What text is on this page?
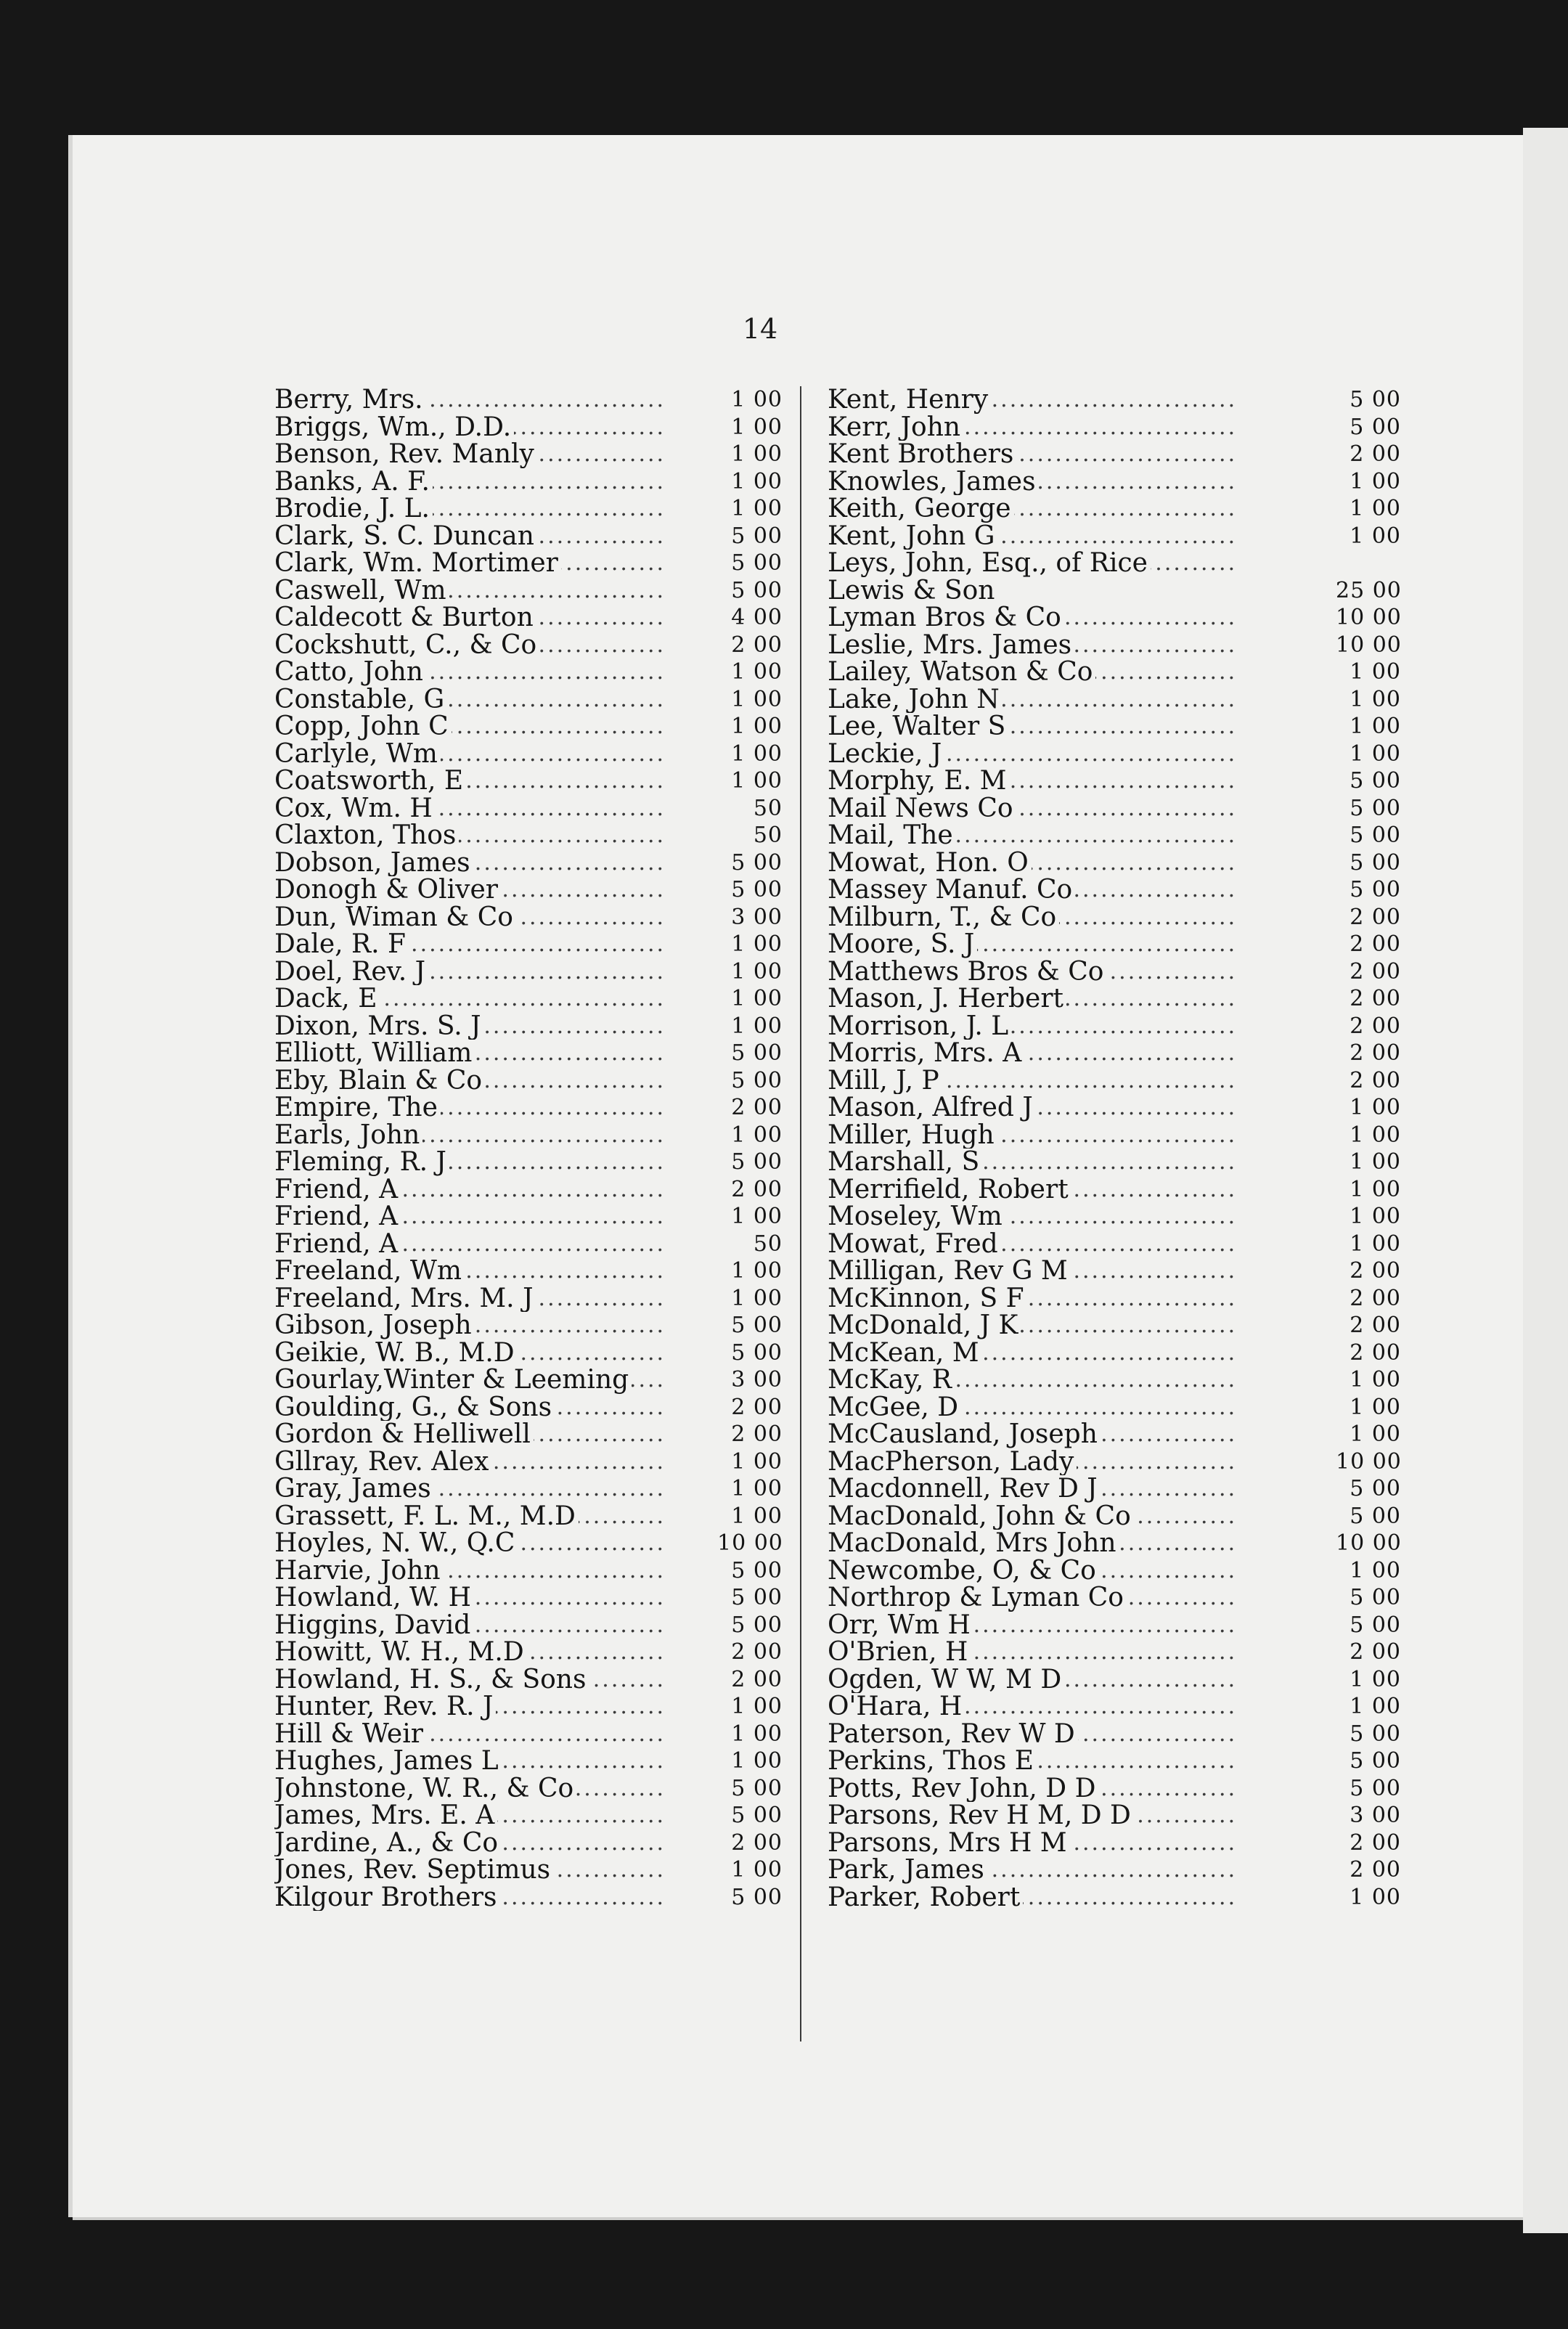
14
Berry, Mrs. .....	1 00
Briggs, Wm., D.D. .....	1 00
Benson, Rev. Manly .....	1 00
Banks, A. F. .....	1 00
Brodie, J. L. .....	1 00
Clark, S. C. Duncan .....	5 00
Clark, Wm. Mortimer .....	5 00
Caswell, Wm .....	5 00
Caldecott & Burton .....	4 00
Cockshutt, C., & Co .....	2 00
Catto, John .....	1 00
Constable, G .....	1 00
Copp, John C .....	1 00
Carlyle, Wm .....	1 00
Coatsworth, E .....	1 00
Cox, Wm. H .....	50
Claxton, Thos .....	50
Dobson, James .....	5 00
Donogh & Oliver .....	5 00
Dun, Wiman & Co .....	3 00
Dale, R. F .....	1 00
Doel, Rev. J .....	1 00
Dack, E .....	1 00
Dixon, Mrs. S. J .....	1 00
Elliott, William .....	5 00
Eby, Blain & Co .....	5 00
Empire, The .....	2 00
Earls, John .....	1 00
Fleming, R. J .....	5 00
Friend, A .....	2 00
Friend, A .....	1 00
Friend, A .....	50
Freeland, Wm .....	1 00
Freeland, Mrs. M. J .....	1 00
Gibson, Joseph .....	5 00
Geikie, W. B., M.D .....	5 00
Gourlay,Winter & Leeming .....	3 00
Goulding, G., & Sons .....	2 00
Gordon & Helliwell .....	2 00
Gllray, Rev. Alex .....	1 00
Gray, James .....	1 00
Grassett, F. L. M., M.D .....	1 00
Hoyles, N. W., Q.C .....	10 00
Harvie, John .....	5 00
Howland, W. H .....	5 00
Higgins, David .....	5 00
Howitt, W. H., M.D .....	2 00
Howland, H. S., & Sons .....	2 00
Hunter, Rev. R. J .....	1 00
Hill & Weir .....	1 00
Hughes, James L .....	1 00
Johnstone, W. R., & Co .....	5 00
James, Mrs. E. A .....	5 00
Jardine, A., & Co .....	2 00
Jones, Rev. Septimus .....	1 00
Kilgour Brothers .....	5 00
Kent, Henry .....	5 00
Kerr, John .....	5 00
Kent Brothers .....	2 00
Knowles, James .....	1 00
Keith, George .....	1 00
Kent, John G .....	1 00
Leys, John, Esq., of Rice .....
Lewis & Son	25 00
Lyman Bros & Co .....	10 00
Leslie, Mrs. James .....	10 00
Lailey, Watson & Co .....	1 00
Lake, John N .....	1 00
Lee, Walter S .....	1 00
Leckie, J .....	1 00
Morphy, E. M .....	5 00
Mail News Co .....	5 00
Mail, The .....	5 00
Mowat, Hon. O .....	5 00
Massey Manuf. Co .....	5 00
Milburn, T., & Co .....	2 00
Moore, S. J .....	2 00
Matthews Bros & Co .....	2 00
Mason, J. Herbert .....	2 00
Morrison, J. L .....	2 00
Morris, Mrs. A .....	2 00
Mill, J, P .....	2 00
Mason, Alfred J .....	1 00
Miller, Hugh .....	1 00
Marshall, S .....	1 00
Merrifield, Robert .....	1 00
Moseley, Wm .....	1 00
Mowat, Fred .....	1 00
Milligan, Rev G M .....	2 00
McKinnon, S F .....	2 00
McDonald, J K .....	2 00
McKean, M .....	2 00
McKay, R .....	1 00
McGee, D .....	1 00
McCausland, Joseph .....	1 00
MacPherson, Lady .....	10 00
Macdonnell, Rev D J .....	5 00
MacDonald, John & Co .....	5 00
MacDonald, Mrs John .....	10 00
Newcombe, O, & Co .....	1 00
Northrop & Lyman Co .....	5 00
Orr, Wm H .....	5 00
O'Brien, H .....	2 00
Ogden, W W, M D .....	1 00
O'Hara, H .....	1 00
Paterson, Rev W D .....	5 00
Perkins, Thos E .....	5 00
Potts, Rev John, D D .....	5 00
Parsons, Rev H M, D D .....	3 00
Parsons, Mrs H M .....	2 00
Park, James .....	2 00
Parker, Robert .....	1 00
